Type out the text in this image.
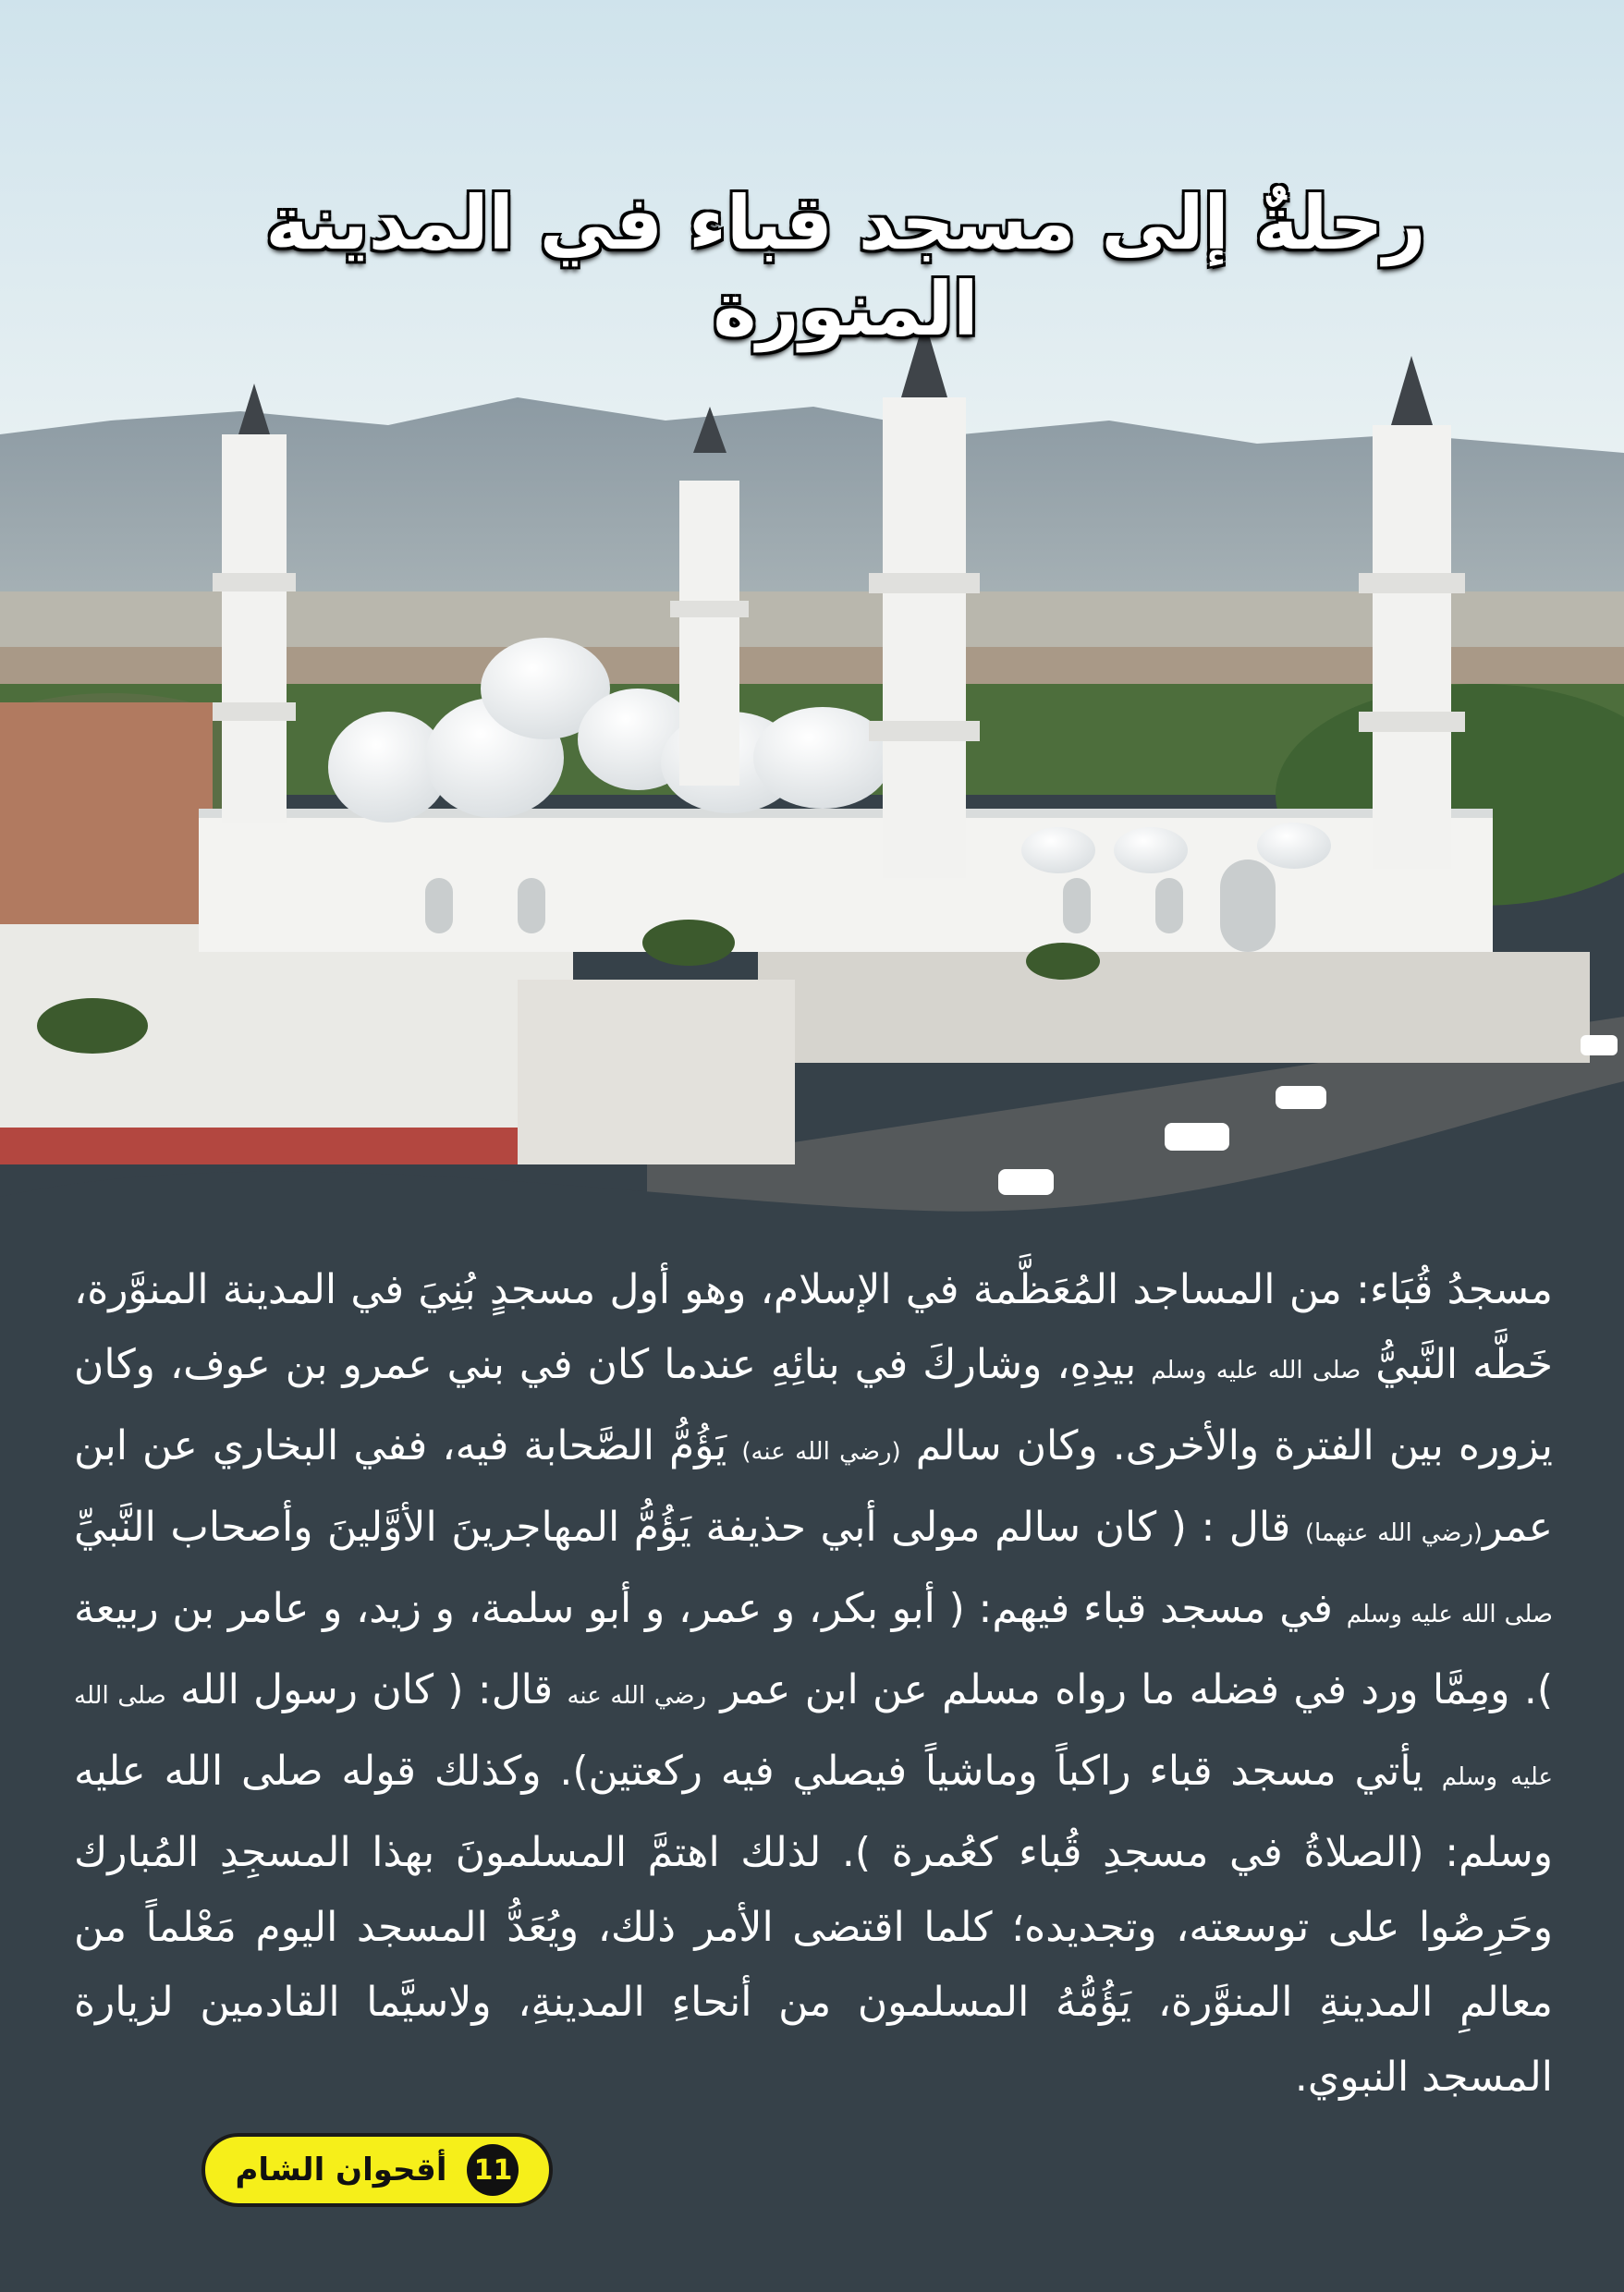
رحلةٌ إلى مسجد قباء في المدينة المنورة
مسجدُ قُبَاء: من المساجد المُعَظَّمة في الإسلام، وهو أول مسجدٍ بُنِيَ في المدينة المنوَّرة، خَطَّه النَّبيُّ صلى الله عليه وسلم بيدِهِ، وشاركَ في بنائِهِ عندما كان في بني عمرو بن عوف، وكان يزوره بين الفترة والأخرى. وكان سالم (رضي الله عنه) يَؤُمُّ الصَّحابة فيه، ففي البخاري عن ابن عمر(رضي الله عنهما) قال : ( كان سالم مولى أبي حذيفة يَؤُمُّ المهاجرينَ الأوَّلينَ وأصحاب النَّبيِّ صلى الله عليه وسلم في مسجد قباء فيهم: ( أبو بكر، و عمر، و أبو سلمة، و زيد، و عامر بن ربيعة ). ومِمَّا ورد في فضله ما رواه مسلم عن ابن عمر رضي الله عنه قال: ( كان رسول الله صلى الله عليه وسلم يأتي مسجد قباء راكباً وماشياً فيصلي فيه ركعتين). وكذلك قوله صلى الله عليه وسلم: (الصلاةُ في مسجدِ قُباء كعُمرة ). لذلك اهتمَّ المسلمونَ بهذا المسجِدِ المُبارك وحَرِصُوا على توسعته، وتجديده؛ كلما اقتضى الأمر ذلك، ويُعَدُّ المسجد اليوم مَعْلماً من معالمِ المدينةِ المنوَّرة، يَؤُمُّهُ المسلمون من أنحاءِ المدينةِ، ولاسيَّما القادمين لزيارة المسجد النبوي.
أقحوان الشام 11
